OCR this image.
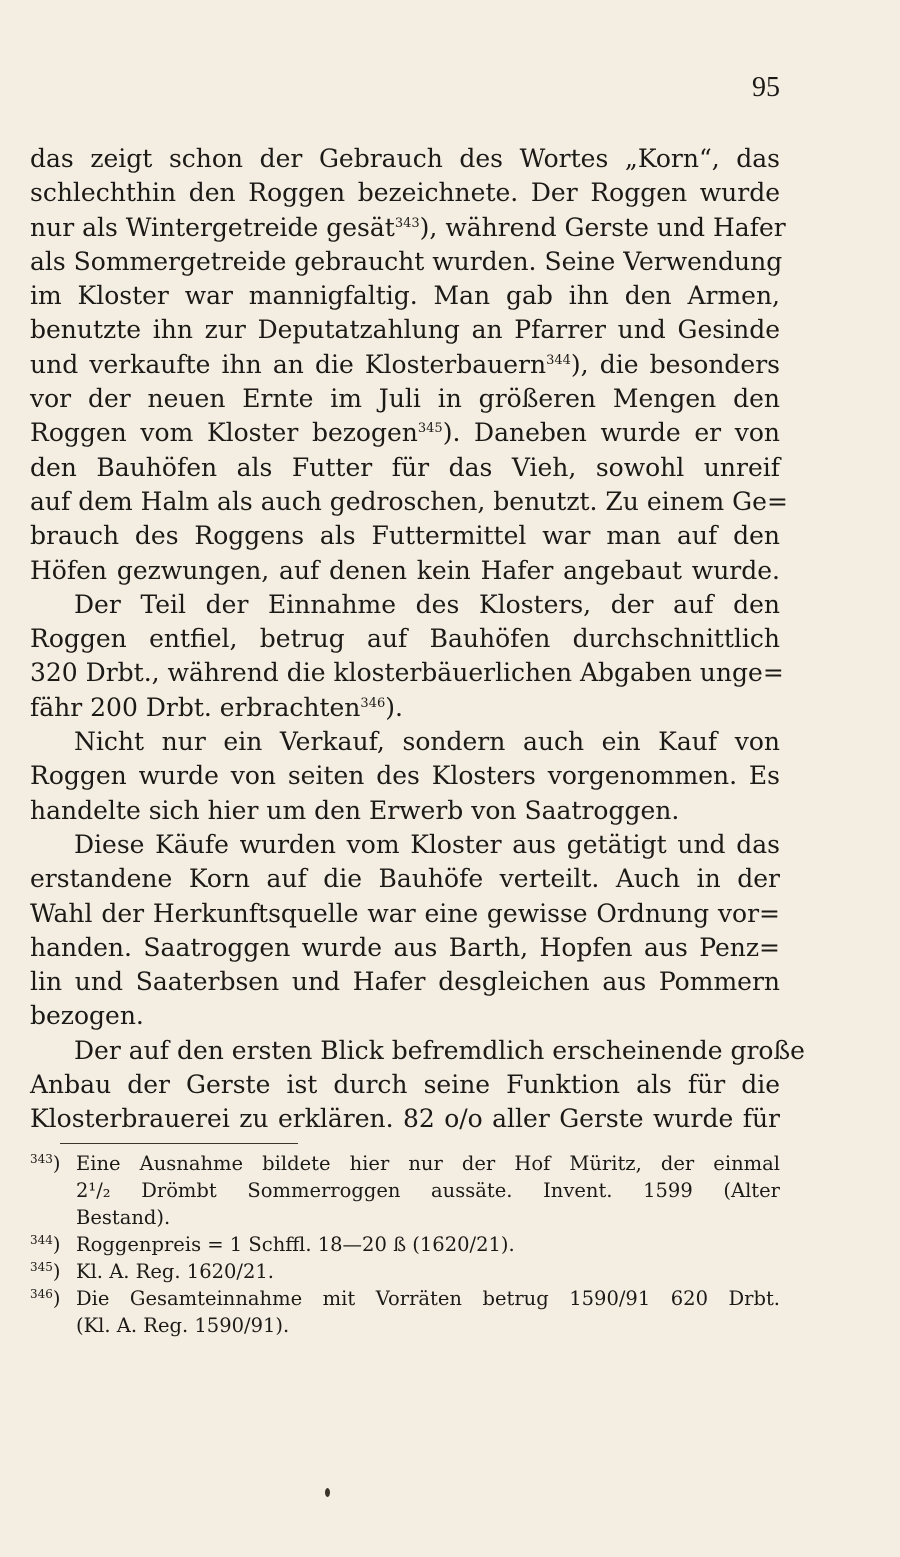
95
das zeigt schon der Gebrauch des Wortes „Korn“, das
schlechthin den Roggen bezeichnete. Der Roggen wurde
nur als Wintergetreide gesät$^{343}$), während Gerste und Hafer
als Sommergetreide gebraucht wurden. Seine Verwendung
im Kloster war mannigfaltig. Man gab ihn den Armen,
benutzte ihn zur Deputatzahlung an Pfarrer und Gesinde
und verkaufte ihn an die Klosterbauern$^{344}$), die besonders
vor der neuen Ernte im Juli in größeren Mengen den
Roggen vom Kloster bezogen$^{345}$). Daneben wurde er von
den Bauhöfen als Futter für das Vieh, sowohl unreif
auf dem Halm als auch gedroschen, benutzt. Zu einem Ge=
brauch des Roggens als Futtermittel war man auf den
Höfen gezwungen, auf denen kein Hafer angebaut wurde.
Der Teil der Einnahme des Klosters, der auf den
Roggen entfiel, betrug auf Bauhöfen durchschnittlich
320 Drbt., während die klosterbäuerlichen Abgaben unge=
fähr 200 Drbt. erbrachten$^{346}$).
Nicht nur ein Verkauf, sondern auch ein Kauf von
Roggen wurde von seiten des Klosters vorgenommen. Es
handelte sich hier um den Erwerb von Saatroggen.
Diese Käufe wurden vom Kloster aus getätigt und das
erstandene Korn auf die Bauhöfe verteilt. Auch in der
Wahl der Herkunftsquelle war eine gewisse Ordnung vor=
handen. Saatroggen wurde aus Barth, Hopfen aus Penz=
lin und Saaterbsen und Hafer desgleichen aus Pommern
bezogen.
Der auf den ersten Blick befremdlich erscheinende große
Anbau der Gerste ist durch seine Funktion als für die
Klosterbrauerei zu erklären. 82 o/o aller Gerste wurde für
$^{343}$) Eine Ausnahme bildete hier nur der Hof Müritz, der einmal
2¹/₂ Drömbt Sommerroggen aussäte. Invent. 1599 (Alter
Bestand).
$^{344}$) Roggenpreis = 1 Schffl. 18—20 ß (1620/21).
$^{345}$) Kl. A. Reg. 1620/21.
$^{346}$) Die Gesamteinnahme mit Vorräten betrug 1590/91 620 Drbt.
(Kl. A. Reg. 1590/91).
